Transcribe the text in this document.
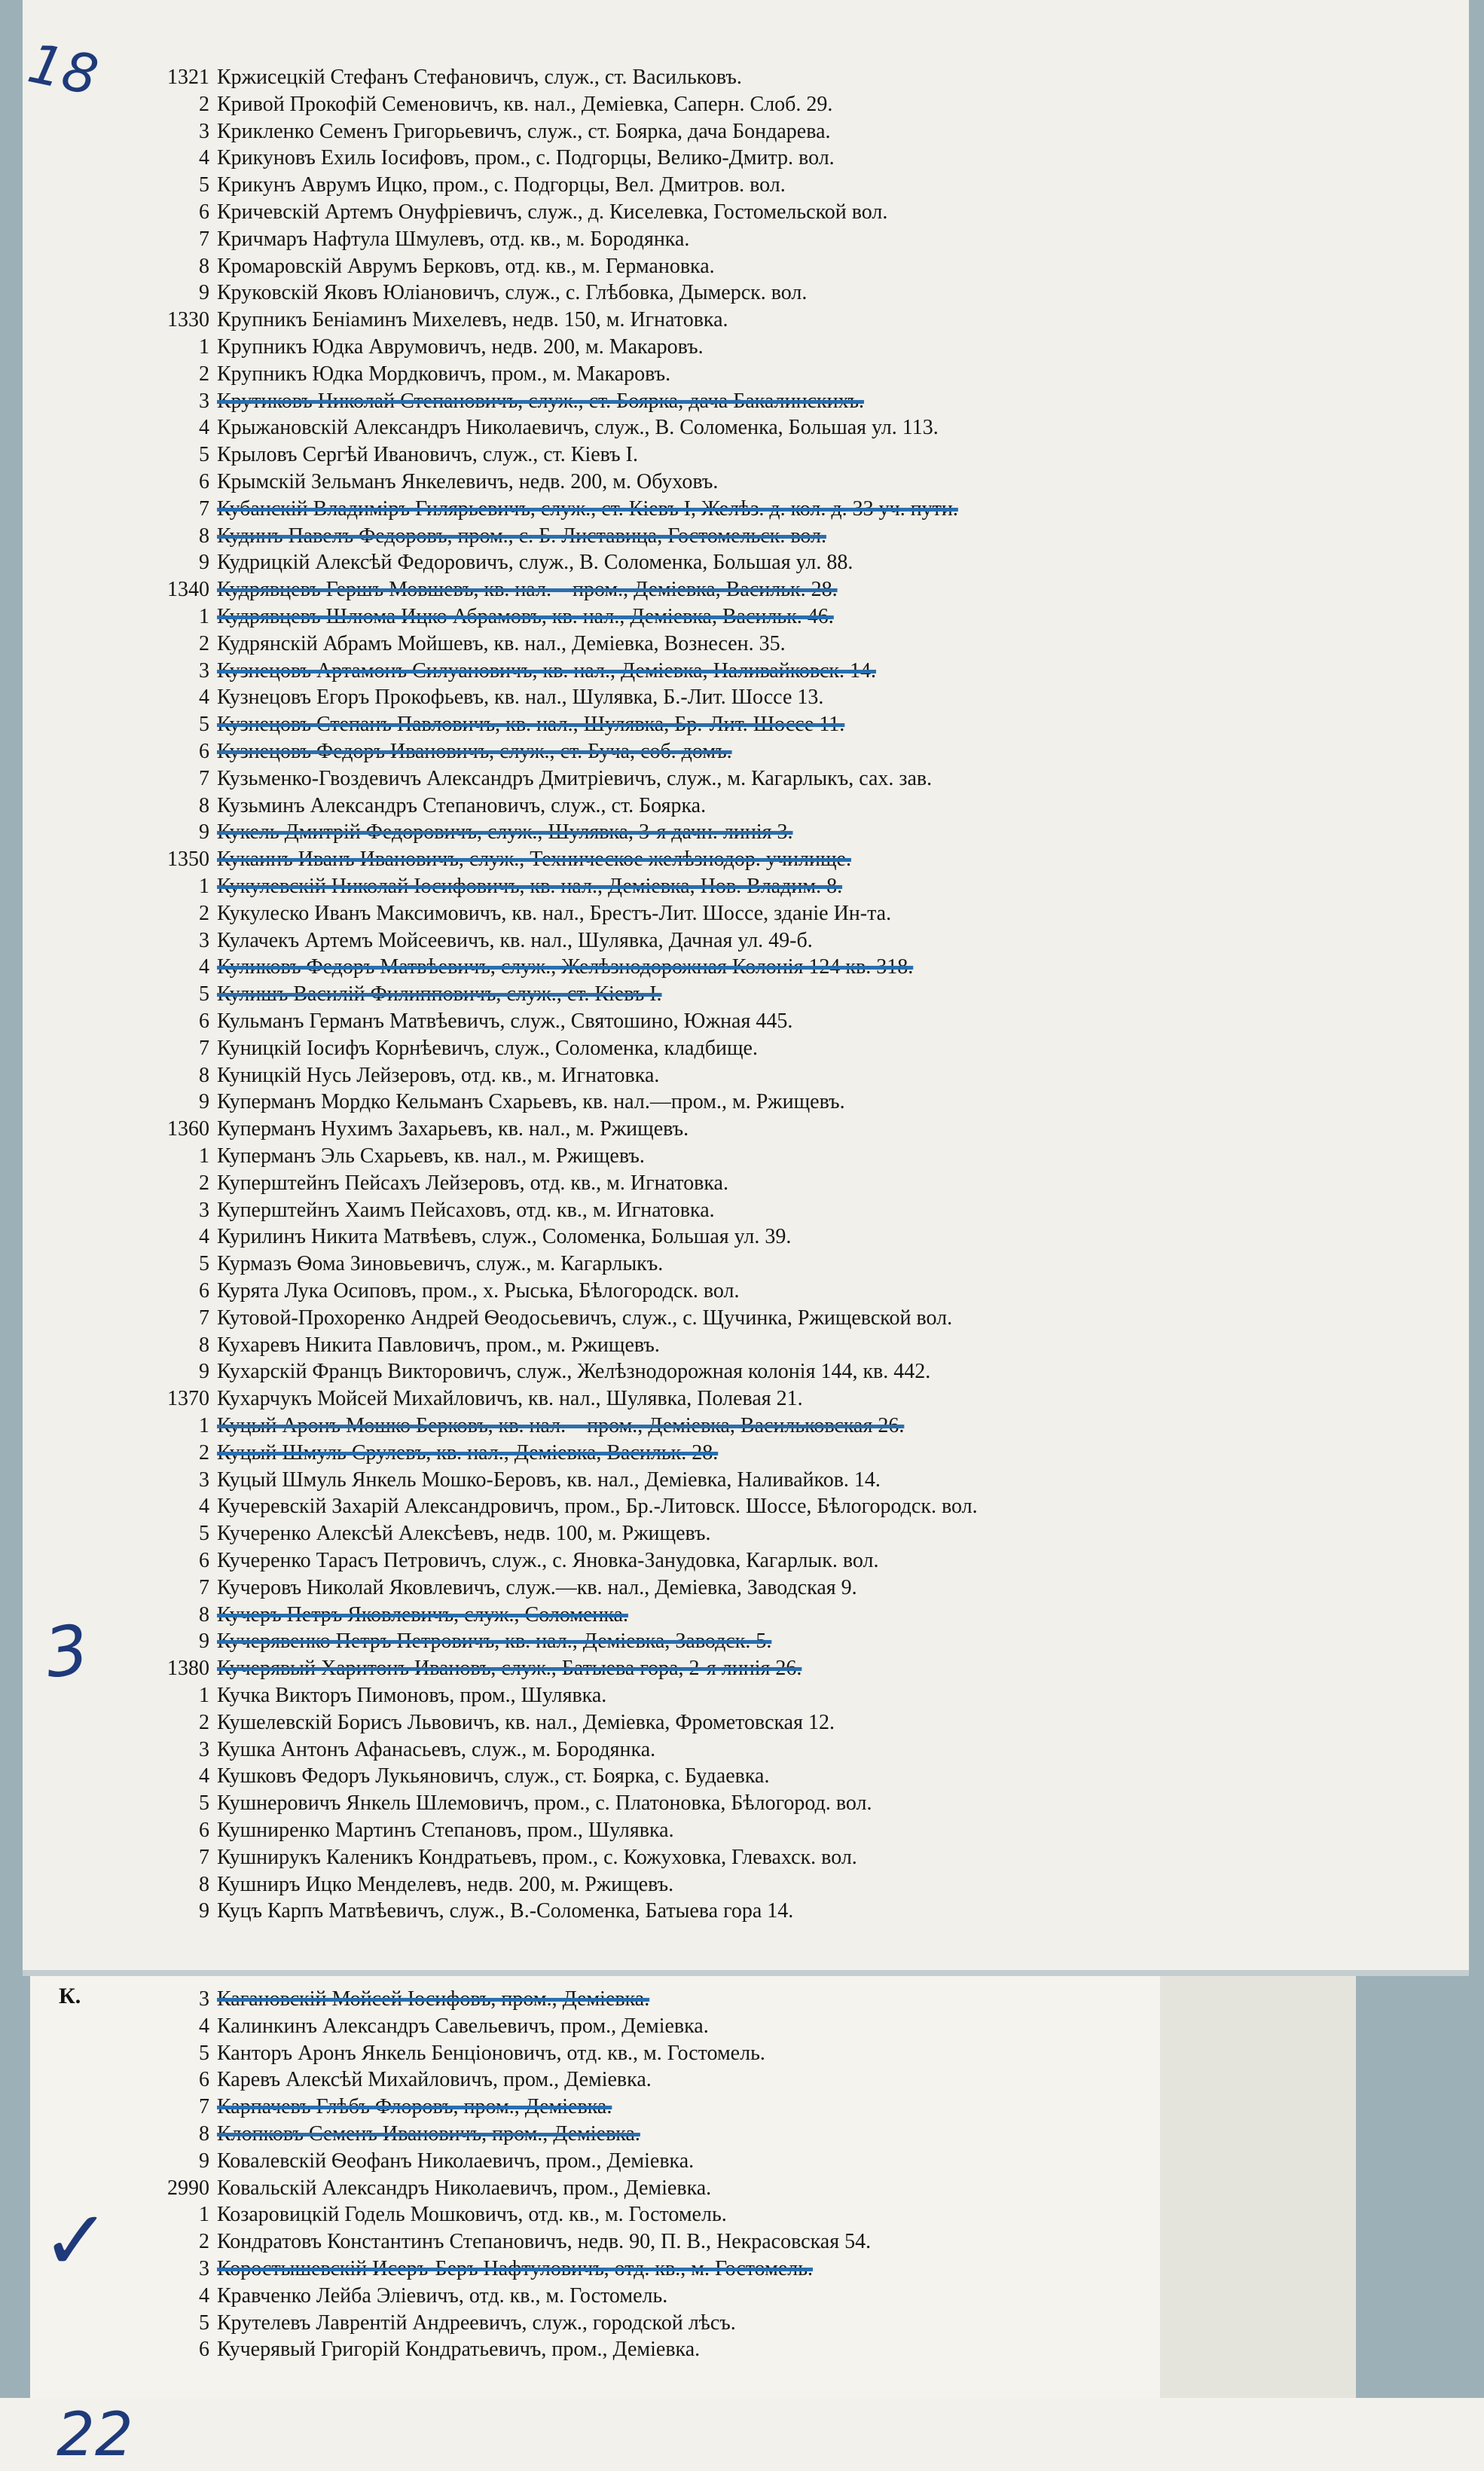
18
3
✓
22
К.
1321 Кржисецкій Стефанъ Стефановичъ, служ., ст. Васильковъ.
2 Кривой Прокофій Семеновичъ, кв. нал., Деміевка, Саперн. Слоб. 29.
3 Крикленко Семенъ Григорьевичъ, служ., ст. Боярка, дача Бондарева.
4 Крикуновъ Ехиль Іосифовъ, пром., с. Подгорцы, Велико-Дмитр. вол.
5 Крикунъ Аврумъ Ицко, пром., с. Подгорцы, Вел. Дмитров. вол.
6 Кричевскій Артемъ Онуфріевичъ, служ., д. Киселевка, Гостомельской вол.
7 Кричмаръ Нафтула Шмулевъ, отд. кв., м. Бородянка.
8 Кромаровскій Аврумъ Берковъ, отд. кв., м. Германовка.
9 Круковскій Яковъ Юліановичъ, служ., с. Глѣбовка, Дымерск. вол.
1330 Крупникъ Беніаминъ Михелевъ, недв. 150, м. Игнатовка.
1 Крупникъ Юдка Аврумовичъ, недв. 200, м. Макаровъ.
2 Крупникъ Юдка Мордковичъ, пром., м. Макаровъ.
3 Крутиковъ Николай Степановичъ, служ., ст. Боярка, дача Бакалинскихъ.
4 Крыжановскій Александръ Николаевичъ, служ., В. Соломенка, Большая ул. 113.
5 Крыловъ Сергѣй Ивановичъ, служ., ст. Кіевъ I.
6 Крымскій Зельманъ Янкелевичъ, недв. 200, м. Обуховъ.
7 Кубанскій Владиміръ Гилярьевичъ, служ., ст. Кіевъ I, Желѣз. д. кол. д. 33 уч. пути.
8 Кудинъ Павелъ Федоровъ, пром., с. Б. Листавица, Гостомельск. вол.
9 Кудрицкій Алексѣй Федоровичъ, служ., В. Соломенка, Большая ул. 88.
1340 Кудрявцевъ Гершъ Мовшевъ, кв. нал.—пром., Деміевка, Васильк. 28.
1 Кудрявцевъ Шлюма Ицко Абрамовъ, кв. нал., Деміевка, Васильк. 46.
2 Кудрянскій Абрамъ Мойшевъ, кв. нал., Деміевка, Вознесен. 35.
3 Кузнецовъ Артамонъ Силуановичъ, кв. нал., Деміевка, Наливайковск. 14.
4 Кузнецовъ Егоръ Прокофьевъ, кв. нал., Шулявка, Б.-Лит. Шоссе 13.
5 Кузнецовъ Степанъ Павловичъ, кв. нал., Шулявка, Бр.-Лит. Шоссе 11.
6 Кузнецовъ Федоръ Ивановичъ, служ., ст. Буча, соб. домъ.
7 Кузьменко-Гвоздевичъ Александръ Дмитріевичъ, служ., м. Кагарлыкъ, сах. зав.
8 Кузьминъ Александръ Степановичъ, служ., ст. Боярка.
9 Кукель Дмитрій Федоровичъ, служ., Шулявка, 3-я дачн. линія 3.
1350 Кукаинъ Иванъ Ивановичъ, служ., Техническое желѣзнодор. училище.
1 Кукулевскій Николай Іосифовичъ, кв. нал., Деміевка, Нов. Владим. 8.
2 Кукулеско Иванъ Максимовичъ, кв. нал., Брестъ-Лит. Шоссе, зданіе Ин-та.
3 Кулачекъ Артемъ Мойсеевичъ, кв. нал., Шулявка, Дачная ул. 49-б.
4 Куликовъ Федоръ Матвѣевичъ, служ., Желѣзнодорожная Колонія 124 кв. 318.
5 Кулишъ Василій Филипповичъ, служ., ст. Кіевъ I.
6 Кульманъ Германъ Матвѣевичъ, служ., Святошино, Южная 445.
7 Куницкій Іосифъ Корнѣевичъ, служ., Соломенка, кладбище.
8 Куницкій Нусь Лейзеровъ, отд. кв., м. Игнатовка.
9 Куперманъ Мордко Кельманъ Схарьевъ, кв. нал.—пром., м. Ржищевъ.
1360 Куперманъ Нухимъ Захарьевъ, кв. нал., м. Ржищевъ.
1 Куперманъ Эль Схарьевъ, кв. нал., м. Ржищевъ.
2 Куперштейнъ Пейсахъ Лейзеровъ, отд. кв., м. Игнатовка.
3 Куперштейнъ Хаимъ Пейсаховъ, отд. кв., м. Игнатовка.
4 Курилинъ Никита Матвѣевъ, служ., Соломенка, Большая ул. 39.
5 Курмазъ Ѳома Зиновьевичъ, служ., м. Кагарлыкъ.
6 Курята Лука Осиповъ, пром., х. Рыська, Бѣлогородск. вол.
7 Кутовой-Прохоренко Андрей Ѳеодосьевичъ, служ., с. Щучинка, Ржищевской вол.
8 Кухаревъ Никита Павловичъ, пром., м. Ржищевъ.
9 Кухарскій Францъ Викторовичъ, служ., Желѣзнодорожная колонія 144, кв. 442.
1370 Кухарчукъ Мойсей Михайловичъ, кв. нал., Шулявка, Полевая 21.
1 Куцый Аронъ Мошко Берковъ, кв. нал.—пром., Деміевка, Васильковская 26.
2 Куцый Шмуль Срулевъ, кв. нал., Деміевка, Васильк. 28.
3 Куцый Шмуль Янкель Мошко-Беровъ, кв. нал., Деміевка, Наливайков. 14.
4 Кучеревскій Захарій Александровичъ, пром., Бр.-Литовск. Шоссе, Бѣлогородск. вол.
5 Кучеренко Алексѣй Алексѣевъ, недв. 100, м. Ржищевъ.
6 Кучеренко Тарасъ Петровичъ, служ., с. Яновка-Занудовка, Кагарлык. вол.
7 Кучеровъ Николай Яковлевичъ, служ.—кв. нал., Деміевка, Заводская 9.
8 Кучеръ Петръ Яковлевичъ, служ., Соломенка.
9 Кучерявенко Петръ Петровичъ, кв. нал., Деміевка, Заводск. 5.
1380 Кучерявый Харитонъ Ивановъ, служ., Батыева гора, 2-я линія 26.
1 Кучка Викторъ Пимоновъ, пром., Шулявка.
2 Кушелевскій Борисъ Львовичъ, кв. нал., Деміевка, Фрометовская 12.
3 Кушка Антонъ Афанасьевъ, служ., м. Бородянка.
4 Кушковъ Федоръ Лукьяновичъ, служ., ст. Боярка, с. Будаевка.
5 Кушнеровичъ Янкель Шлемовичъ, пром., с. Платоновка, Бѣлогород. вол.
6 Кушниренко Мартинъ Степановъ, пром., Шулявка.
7 Кушнирукъ Каленикъ Кондратьевъ, пром., с. Кожуховка, Глевахск. вол.
8 Кушниръ Ицко Менделевъ, недв. 200, м. Ржищевъ.
9 Куцъ Карпъ Матвѣевичъ, служ., В.-Соломенка, Батыева гора 14.
3 Кагановскій Мойсей Іосифовъ, пром., Деміевка.
4 Калинкинъ Александръ Савельевичъ, пром., Деміевка.
5 Канторъ Аронъ Янкель Бенціоновичъ, отд. кв., м. Гостомель.
6 Каревъ Алексѣй Михайловичъ, пром., Деміевка.
7 Карпачевъ Глѣбъ Флоровъ, пром., Деміевка.
8 Клопковъ Семенъ Ивановичъ, пром., Деміевка.
9 Ковалевскій Ѳеофанъ Николаевичъ, пром., Деміевка.
2990 Ковальскій Александръ Николаевичъ, пром., Деміевка.
1 Козаровицкій Годель Мошковичъ, отд. кв., м. Гостомель.
2 Кондратовъ Константинъ Степановичъ, недв. 90, П. В., Некрасовская 54.
3 Коростышевскій Исеръ-Беръ Нафтуловичъ, отд. кв., м. Гостомель.
4 Кравченко Лейба Эліевичъ, отд. кв., м. Гостомель.
5 Крутелевъ Лаврентій Андреевичъ, служ., городской лѣсъ.
6 Кучерявый Григорій Кондратьевичъ, пром., Деміевка.
